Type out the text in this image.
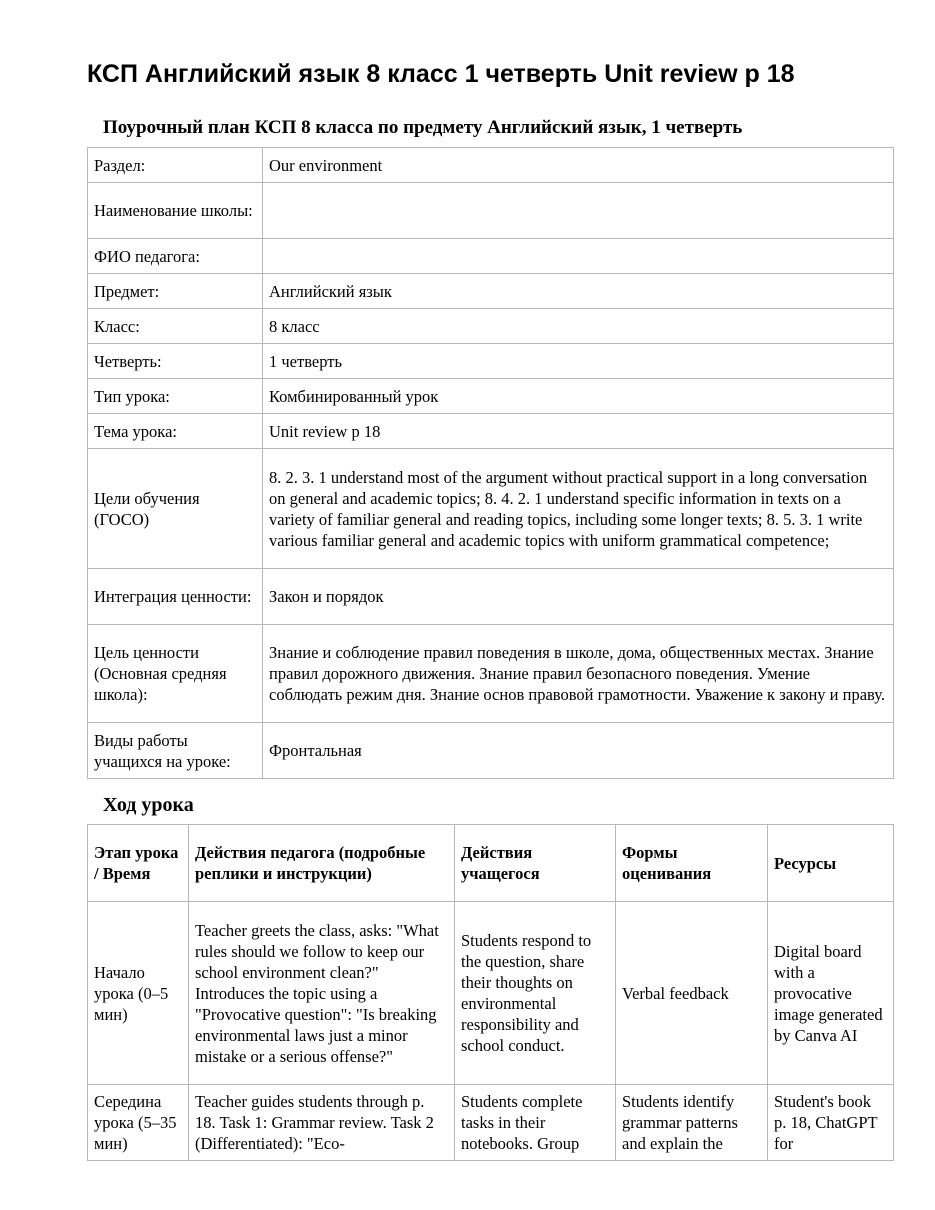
КСП Английский язык 8 класс 1 четверть Unit review p 18
Поурочный план КСП 8 класса по предмету Английский язык, 1 четверть
Раздел:	Our environment
Наименование школы:	
ФИО педагога:	
Предмет:	Английский язык
Класс:	8 класс
Четверть:	1 четверть
Тип урока:	Комбинированный урок
Тема урока:	Unit review p 18
Цели обучения (ГОСО)	8. 2. 3. 1 understand most of the argument without practical support in a long conversation on general and academic topics; 8. 4. 2. 1 understand specific information in texts on a variety of familiar general and reading topics, including some longer texts; 8. 5. 3. 1 write various familiar general and academic topics with uniform grammatical competence;
Интеграция ценности:	Закон и порядок
Цель ценности (Основная средняя школа):	Знание и соблюдение правил поведения в школе, дома, общественных местах. Знание правил дорожного движения. Знание правил безопасного поведения. Умение соблюдать режим дня. Знание основ правовой грамотности. Уважение к закону и праву.
Виды работы учащихся на уроке:	Фронтальная
Ход урока
Этап урока / Время	Действия педагога (подробные реплики и инструкции)	Действия учащегося	Формы оценивания	Ресурсы
Начало урока (0–5 мин)	Teacher greets the class, asks: "What rules should we follow to keep our school environment clean?" Introduces the topic using a "Provocative question": "Is breaking environmental laws just a minor mistake or a serious offense?"	Students respond to the question, share their thoughts on environmental responsibility and school conduct.	Verbal feedback	Digital board with a provocative image generated by Canva AI

Середина урока (5–35 мин)	Teacher guides students through p. 18. Task 1: Grammar review. Task 2 (Differentiated): "Eco-	Students complete tasks in their notebooks. Group	Students identify grammar patterns and explain the	Student's book p. 18, ChatGPT for
